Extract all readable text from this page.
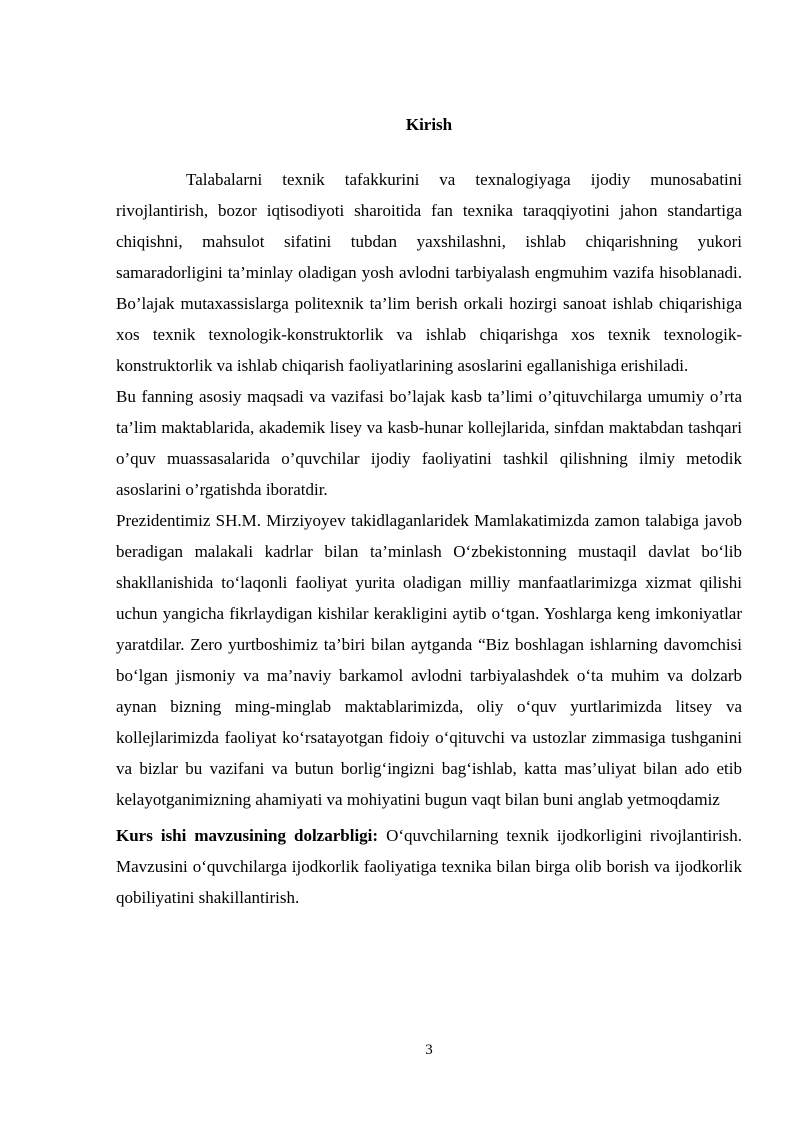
Kirish

Talabalarni texnik tafakkurini va texnalogiyaga ijodiy munosabatini rivojlantirish, bozor iqtisodiyoti sharoitida fan texnika taraqqiyotini jahon standartiga chiqishni, mahsulot sifatini tubdan yaxshilashni, ishlab chiqarishning yukori samaradorligini ta’minlay oladigan yosh avlodni tarbiyalash engmuhim vazifa hisoblanadi. Bo’lajak mutaxassislarga politexnik ta’lim berish orkali hozirgi sanoat ishlab chiqarishiga xos texnik texnologik-konstruktorlik va ishlab chiqarishga xos texnik texnologik-konstruktorlik va ishlab chiqarish faoliyatlarining asoslarini egallanishiga erishiladi.

Bu fanning asosiy maqsadi va vazifasi bo’lajak kasb ta’limi o’qituvchilarga umumiy o’rta ta’lim maktablarida, akademik lisey va kasb-hunar kollejlarida, sinfdan maktabdan tashqari o’quv muassasalarida o’quvchilar ijodiy faoliyatini tashkil qilishning ilmiy metodik asoslarini o’rgatishda iboratdir.

Prezidentimiz SH.M. Mirziyoyev takidlaganlaridek Mamlakatimizda zamon talabiga javob beradigan malakali kadrlar bilan ta’minlash O‘zbekistonning mustaqil davlat bo‘lib shakllanishida to‘laqonli faoliyat yurita oladigan milliy manfaatlarimizga xizmat qilishi uchun yangicha fikrlaydigan kishilar kerakligini aytib o‘tgan. Yoshlarga keng imkoniyatlar yaratdilar. Zero yurtboshimiz ta’biri bilan aytganda “Biz boshlagan ishlarning davomchisi bo‘lgan jismoniy va ma’naviy barkamol avlodni tarbiyalashdek o‘ta muhim va dolzarb aynan bizning ming-minglab maktablarimizda, oliy o‘quv yurtlarimizda litsey va kollejlarimizda faoliyat ko‘rsatayotgan fidoiy o‘qituvchi va ustozlar zimmasiga tushganini va bizlar bu vazifani va butun borlig‘ingizni bag‘ishlab, katta mas’uliyat bilan ado etib kelayotganimizning ahamiyati va mohiyatini bugun vaqt bilan buni anglab yetmoqdamiz

Kurs ishi mavzusining dolzarbligi: O‘quvchilarning texnik ijodkorligini rivojlantirish. Mavzusini o‘quvchilarga ijodkorlik faoliyatiga texnika bilan birga olib borish va ijodkorlik qobiliyatini shakillantirish.

3
